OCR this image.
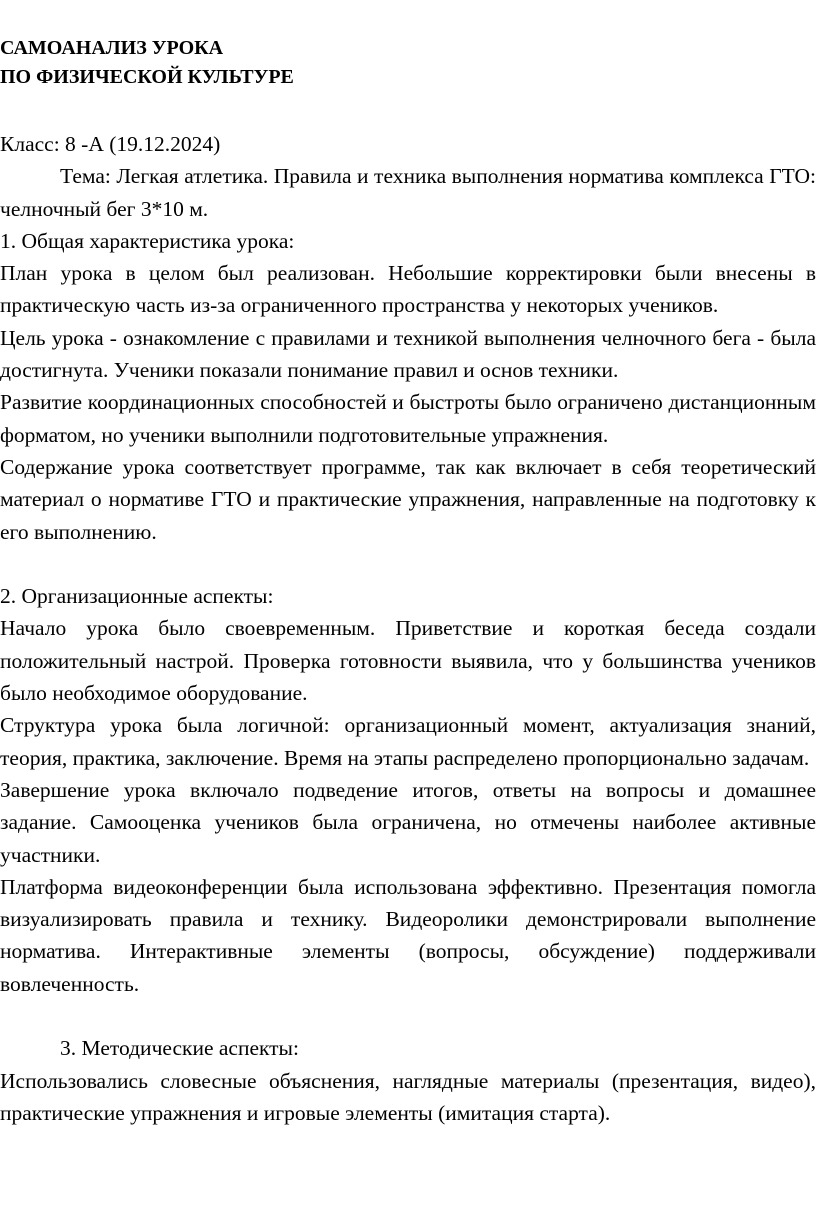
САМОАНАЛИЗ УРОКА

ПО ФИЗИЧЕСКОЙ КУЛЬТУРЕ

Класс: 8 -А (19.12.2024)

Тема: Легкая атлетика. Правила и техника выполнения норматива комплекса ГТО: челночный бег 3*10 м.

1. Общая характеристика урока:

План урока в целом был реализован. Небольшие корректировки были внесены в практическую часть из-за ограниченного пространства у некоторых учеников.

Цель урока - ознакомление с правилами и техникой выполнения челночного бега - была достигнута. Ученики показали понимание правил и основ техники.

Развитие координационных способностей и быстроты было ограничено дистанционным форматом, но ученики выполнили подготовительные упражнения.

Содержание урока соответствует программе, так как включает в себя теоретический материал о нормативе ГТО и практические упражнения, направленные на подготовку к его выполнению.

2. Организационные аспекты:

Начало урока было своевременным. Приветствие и короткая беседа создали положительный настрой. Проверка готовности выявила, что у большинства учеников было необходимое оборудование.

Структура урока была логичной: организационный момент, актуализация знаний, теория, практика, заключение. Время на этапы распределено пропорционально задачам.

Завершение урока включало подведение итогов, ответы на вопросы и домашнее задание. Самооценка учеников была ограничена, но отмечены наиболее активные участники.

Платформа видеоконференции была использована эффективно. Презентация помогла визуализировать правила и технику. Видеоролики демонстрировали выполнение норматива. Интерактивные элементы (вопросы, обсуждение) поддерживали вовлеченность.

3. Методические аспекты:

Использовались словесные объяснения, наглядные материалы (презентация, видео), практические упражнения и игровые элементы (имитация старта).
